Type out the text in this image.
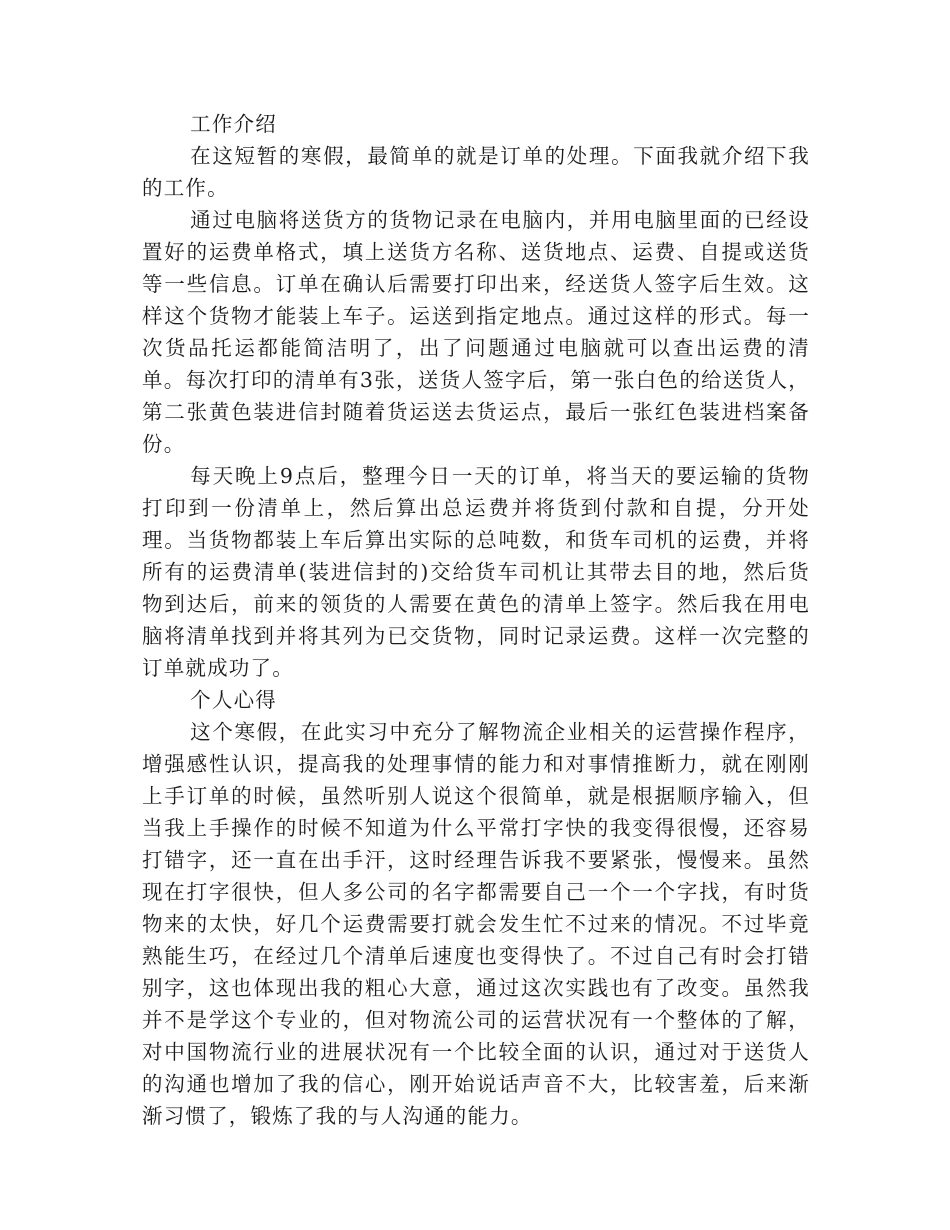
工作介绍

在这短暂的寒假，最简单的就是订单的处理。下面我就介绍下我的工作。

通过电脑将送货方的货物记录在电脑内，并用电脑里面的已经设置好的运费单格式，填上送货方名称、送货地点、运费、自提或送货等一些信息。订单在确认后需要打印出来，经送货人签字后生效。这样这个货物才能装上车子。运送到指定地点。通过这样的形式。每一次货品托运都能简洁明了，出了问题通过电脑就可以查出运费的清单。每次打印的清单有3张，送货人签字后，第一张白色的给送货人，第二张黄色装进信封随着货运送去货运点，最后一张红色装进档案备份。

每天晚上9点后，整理今日一天的订单，将当天的要运输的货物打印到一份清单上，然后算出总运费并将货到付款和自提，分开处理。当货物都装上车后算出实际的总吨数，和货车司机的运费，并将所有的运费清单(装进信封的)交给货车司机让其带去目的地，然后货物到达后，前来的领货的人需要在黄色的清单上签字。然后我在用电脑将清单找到并将其列为已交货物，同时记录运费。这样一次完整的订单就成功了。

个人心得

这个寒假，在此实习中充分了解物流企业相关的运营操作程序，增强感性认识，提高我的处理事情的能力和对事情推断力，就在刚刚上手订单的时候，虽然听别人说这个很简单，就是根据顺序输入，但当我上手操作的时候不知道为什么平常打字快的我变得很慢，还容易打错字，还一直在出手汗，这时经理告诉我不要紧张，慢慢来。虽然现在打字很快，但人多公司的名字都需要自己一个一个字找，有时货物来的太快，好几个运费需要打就会发生忙不过来的情况。不过毕竟熟能生巧，在经过几个清单后速度也变得快了。不过自己有时会打错别字，这也体现出我的粗心大意，通过这次实践也有了改变。虽然我并不是学这个专业的，但对物流公司的运营状况有一个整体的了解，对中国物流行业的进展状况有一个比较全面的认识，通过对于送货人的沟通也增加了我的信心，刚开始说话声音不大，比较害羞，后来渐渐习惯了，锻炼了我的与人沟通的能力。
